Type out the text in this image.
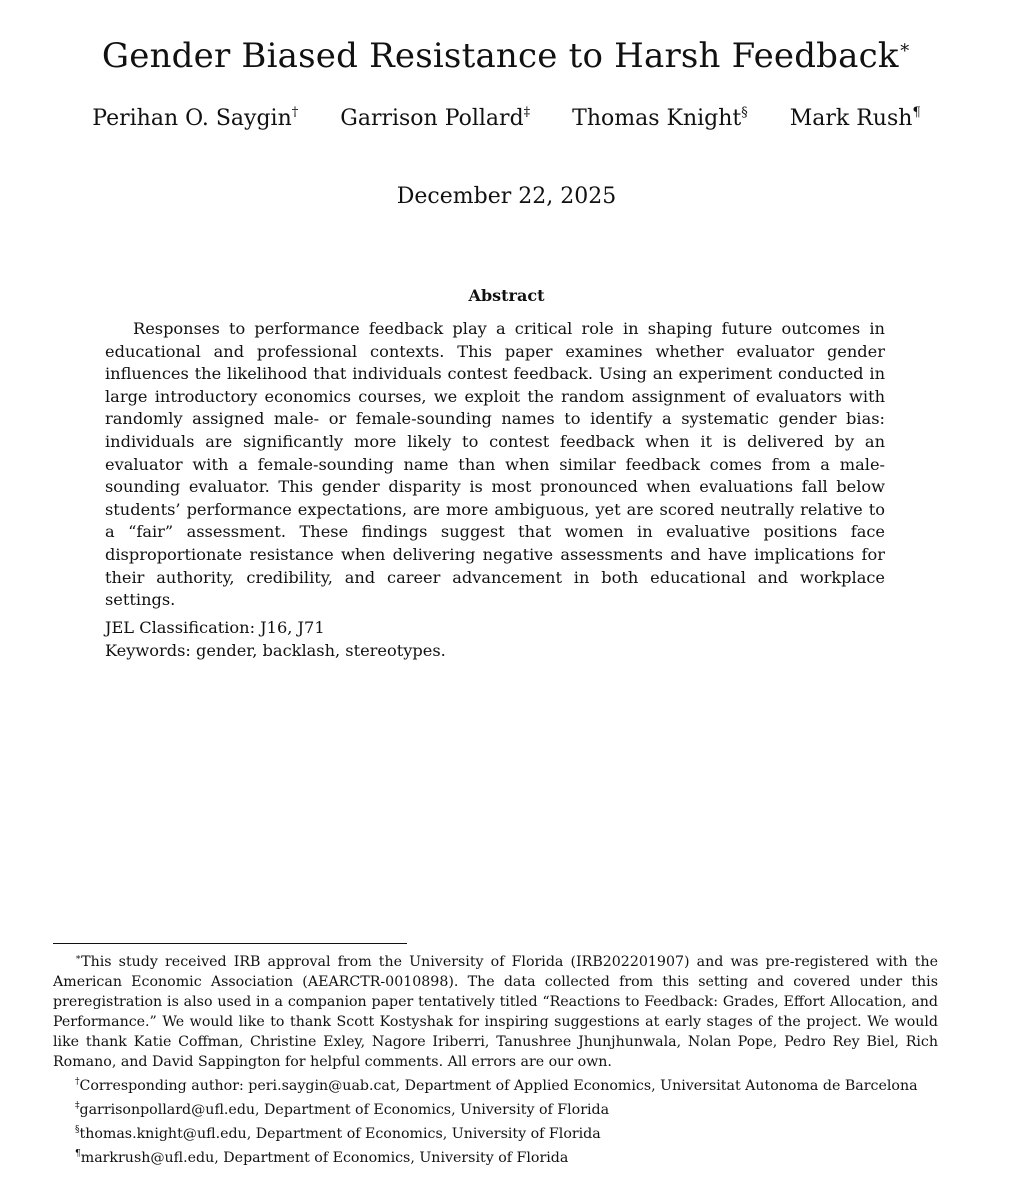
Gender Biased Resistance to Harsh Feedback∗
Perihan O. Saygin† Garrison Pollard‡ Thomas Knight§ Mark Rush¶
December 22, 2025
Abstract
Responses to performance feedback play a critical role in shaping future outcomes in educational and professional contexts. This paper examines whether evaluator gender influences the likelihood that individuals contest feedback. Using an experiment conducted in large introductory economics courses, we exploit the random assignment of evaluators with randomly assigned male- or female-sounding names to identify a systematic gender bias: individuals are significantly more likely to contest feedback when it is delivered by an evaluator with a female-sounding name than when similar feedback comes from a male-sounding evaluator. This gender disparity is most pronounced when evaluations fall below students’ performance expectations, are more ambiguous, yet are scored neutrally relative to a “fair” assessment. These findings suggest that women in evaluative positions face disproportionate resistance when delivering negative assessments and have implications for their authority, credibility, and career advancement in both educational and workplace settings.
JEL Classification: J16, J71
Keywords: gender, backlash, stereotypes.
∗This study received IRB approval from the University of Florida (IRB202201907) and was pre-registered with the American Economic Association (AEARCTR-0010898). The data collected from this setting and covered under this preregistration is also used in a companion paper tentatively titled “Reactions to Feedback: Grades, Effort Allocation, and Performance.” We would like to thank Scott Kostyshak for inspiring suggestions at early stages of the project. We would like thank Katie Coffman, Christine Exley, Nagore Iriberri, Tanushree Jhunjhunwala, Nolan Pope, Pedro Rey Biel, Rich Romano, and David Sappington for helpful comments. All errors are our own.
†Corresponding author: peri.saygin@uab.cat, Department of Applied Economics, Universitat Autonoma de Barcelona
‡garrisonpollard@ufl.edu, Department of Economics, University of Florida
§thomas.knight@ufl.edu, Department of Economics, University of Florida
¶markrush@ufl.edu, Department of Economics, University of Florida
